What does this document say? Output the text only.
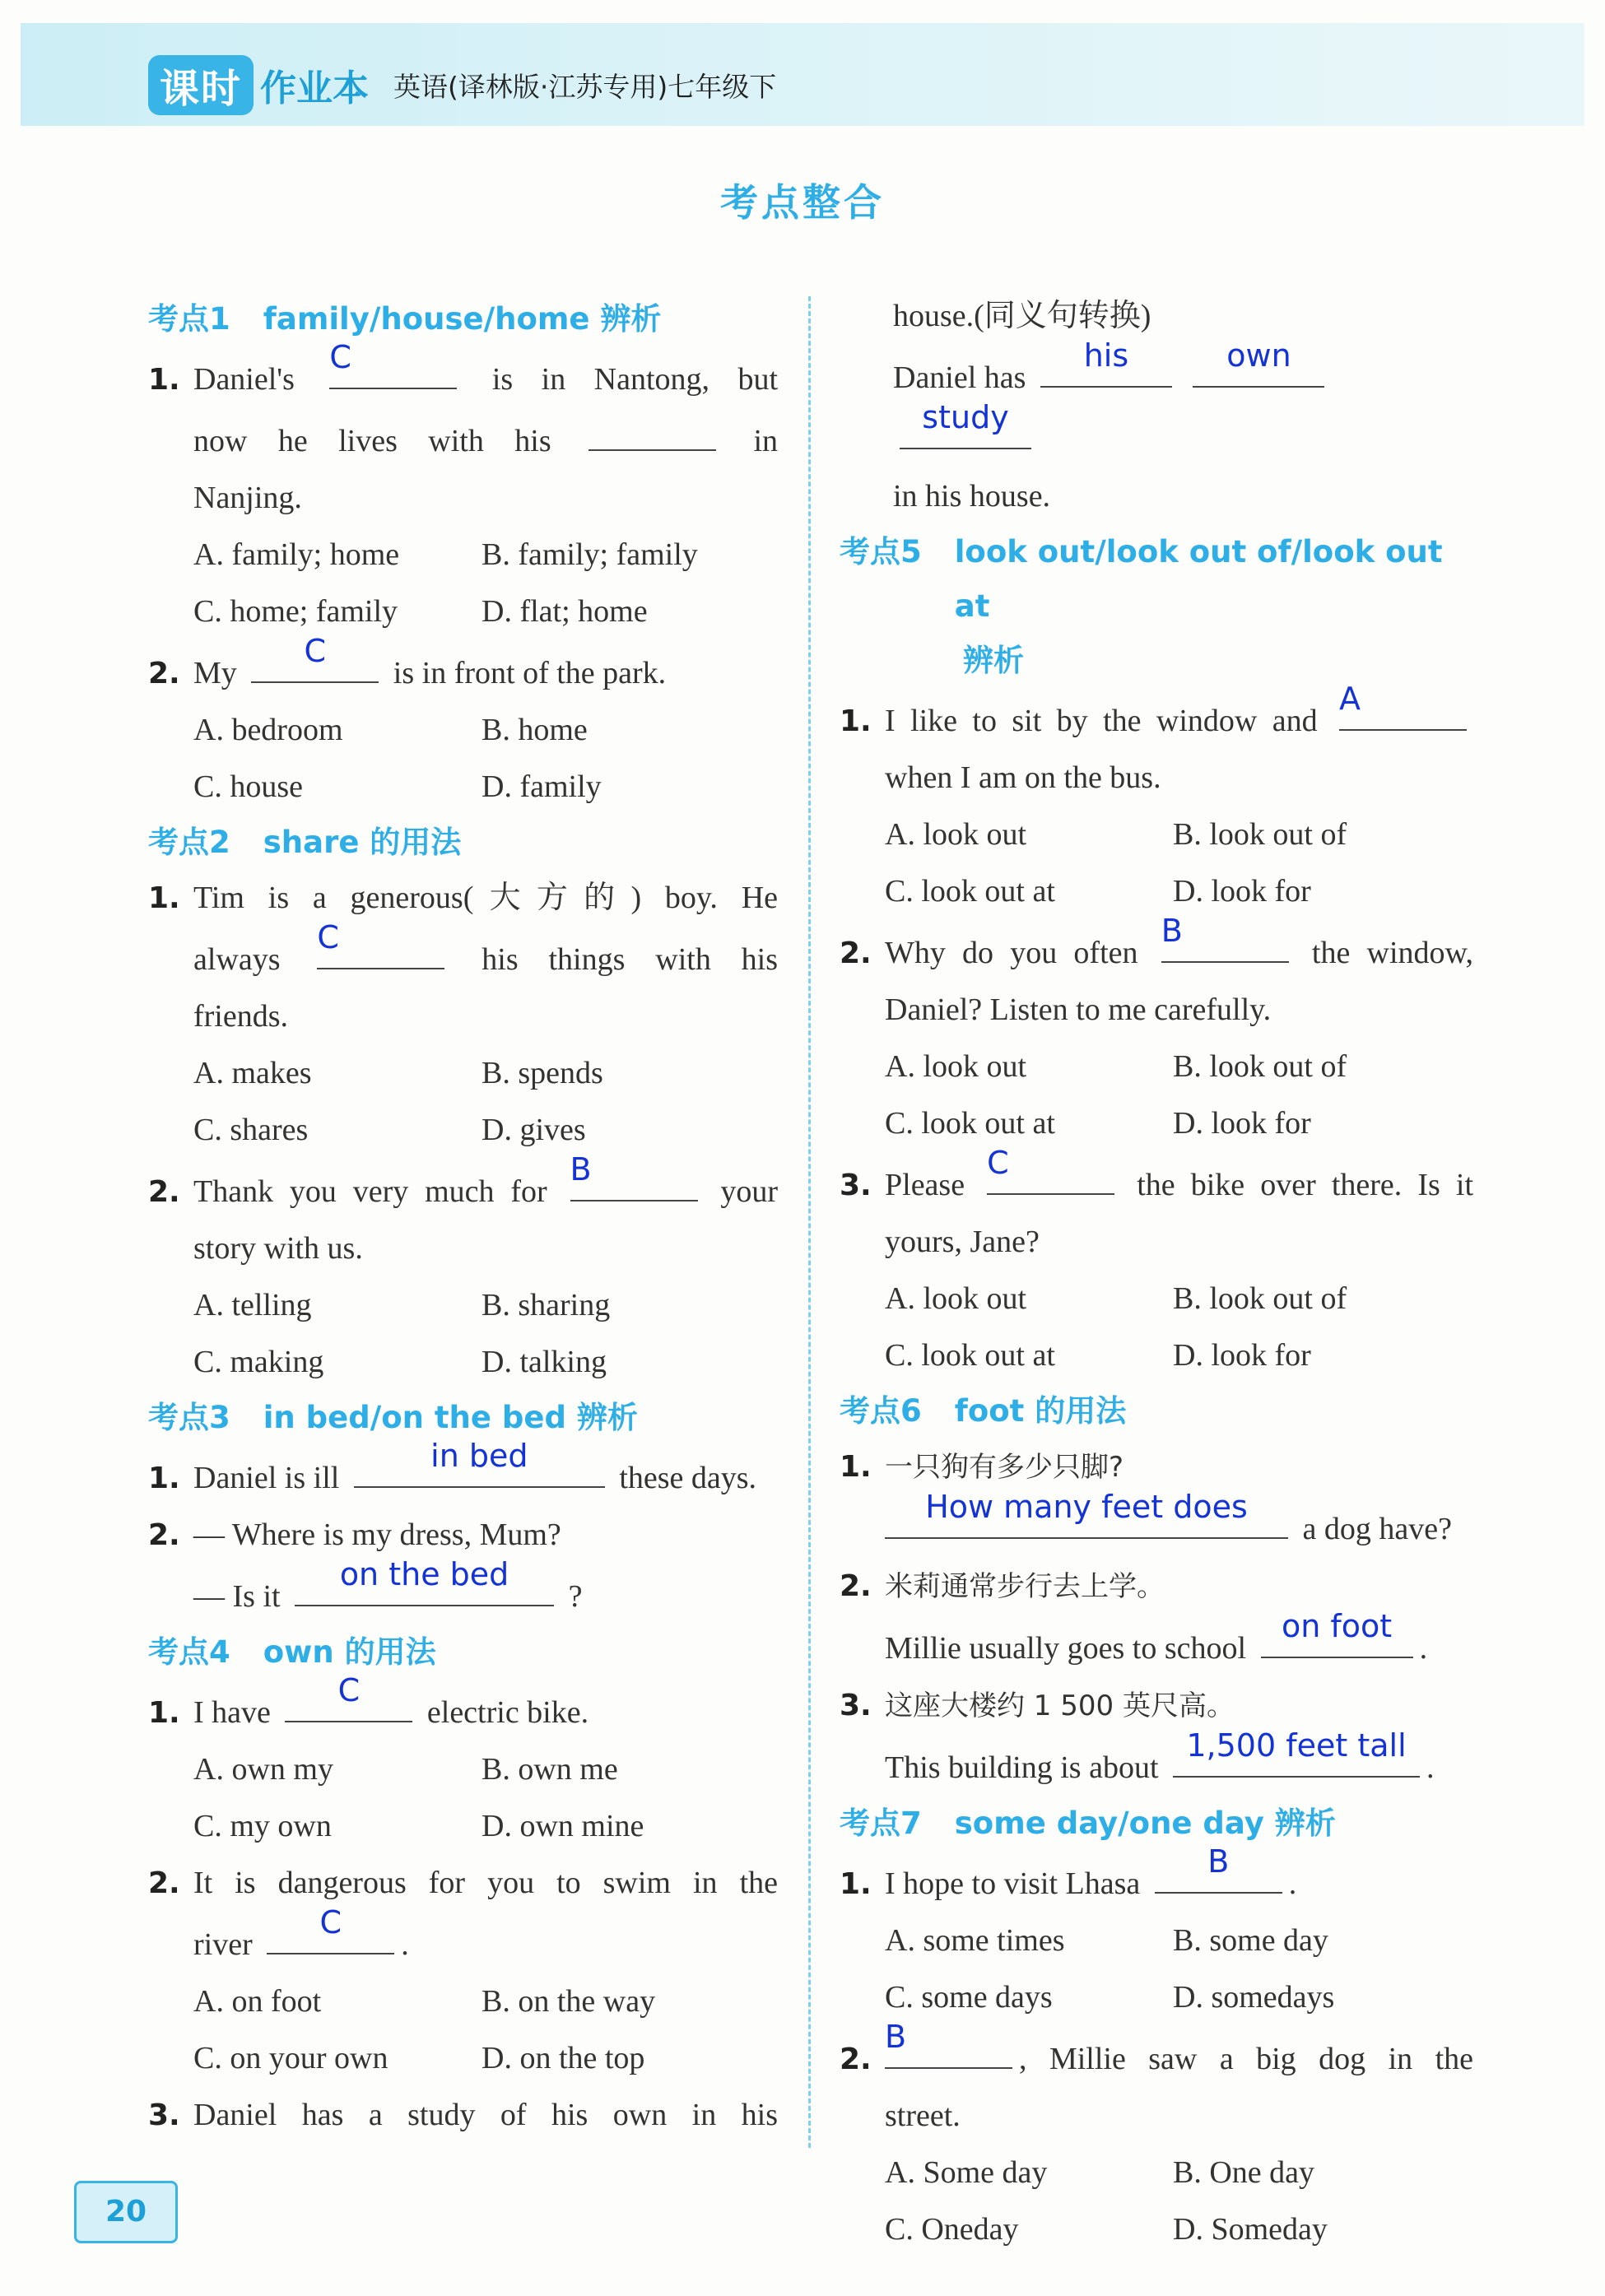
课时 作业本 英语(译林版·江苏专用)七年级下
考点整合
考点1 family/house/home 辨析
1. Daniel's
C
is in Nantong, but
now he lives with his	in
Nanjing.
A. family; home	B. family; family
C. home; family	D. flat; home
2. My
C
is in front of the park.
A. bedroom	B. home
C. house	D. family
考点2 share 的用法
1. Tim is a generous(大方的) boy. He
always
C
his things with his
friends.
A. makes	B. spends
C. shares	D. gives
2. Thank you very much for
B
your
story with us.
A. telling	B. sharing
C. making	D. talking
考点3 in bed/on the bed 辨析
1. Daniel is ill
in bed
these days.
2. — Where is my dress, Mum?
— Is it
on the bed
?
考点4 own 的用法
1. I have
C
electric bike.
A. own my	B. own me
C. my own	D. own mine
2. It is dangerous for you to swim in the
river
C
.
A. on foot	B. on the way
C. on your own	D. on the top
3. Daniel has a study of his own in his
house.(同义句转换)
Daniel has
his
	own

study
in his house.
考点5 look out/look out of/look out at
辨析
1. I like to sit by the window and
A
when I am on the bus.
A. look out	B. look out of
C. look out at	D. look for
2. Why do you often
B
the window,
Daniel? Listen to me carefully.
A. look out	B. look out of
C. look out at	D. look for
3. Please
C
the bike over there. Is it
yours, Jane?
A. look out	B. look out of
C. look out at	D. look for
考点6 foot 的用法
1. 一只狗有多少只脚?
How many feet does
a dog have?
2. 米莉通常步行去上学。
Millie usually goes to school
on foot
.
3. 这座大楼约 1 500 英尺高。
This building is about
1,500 feet tall
.
考点7 some day/one day 辨析
1. I hope to visit Lhasa
B
.
A. some times	B. some day
C. some days	D. somedays
2.
B
, Millie saw a big dog in the
street.
A. Some day	B. One day
C. Oneday	D. Someday
20
